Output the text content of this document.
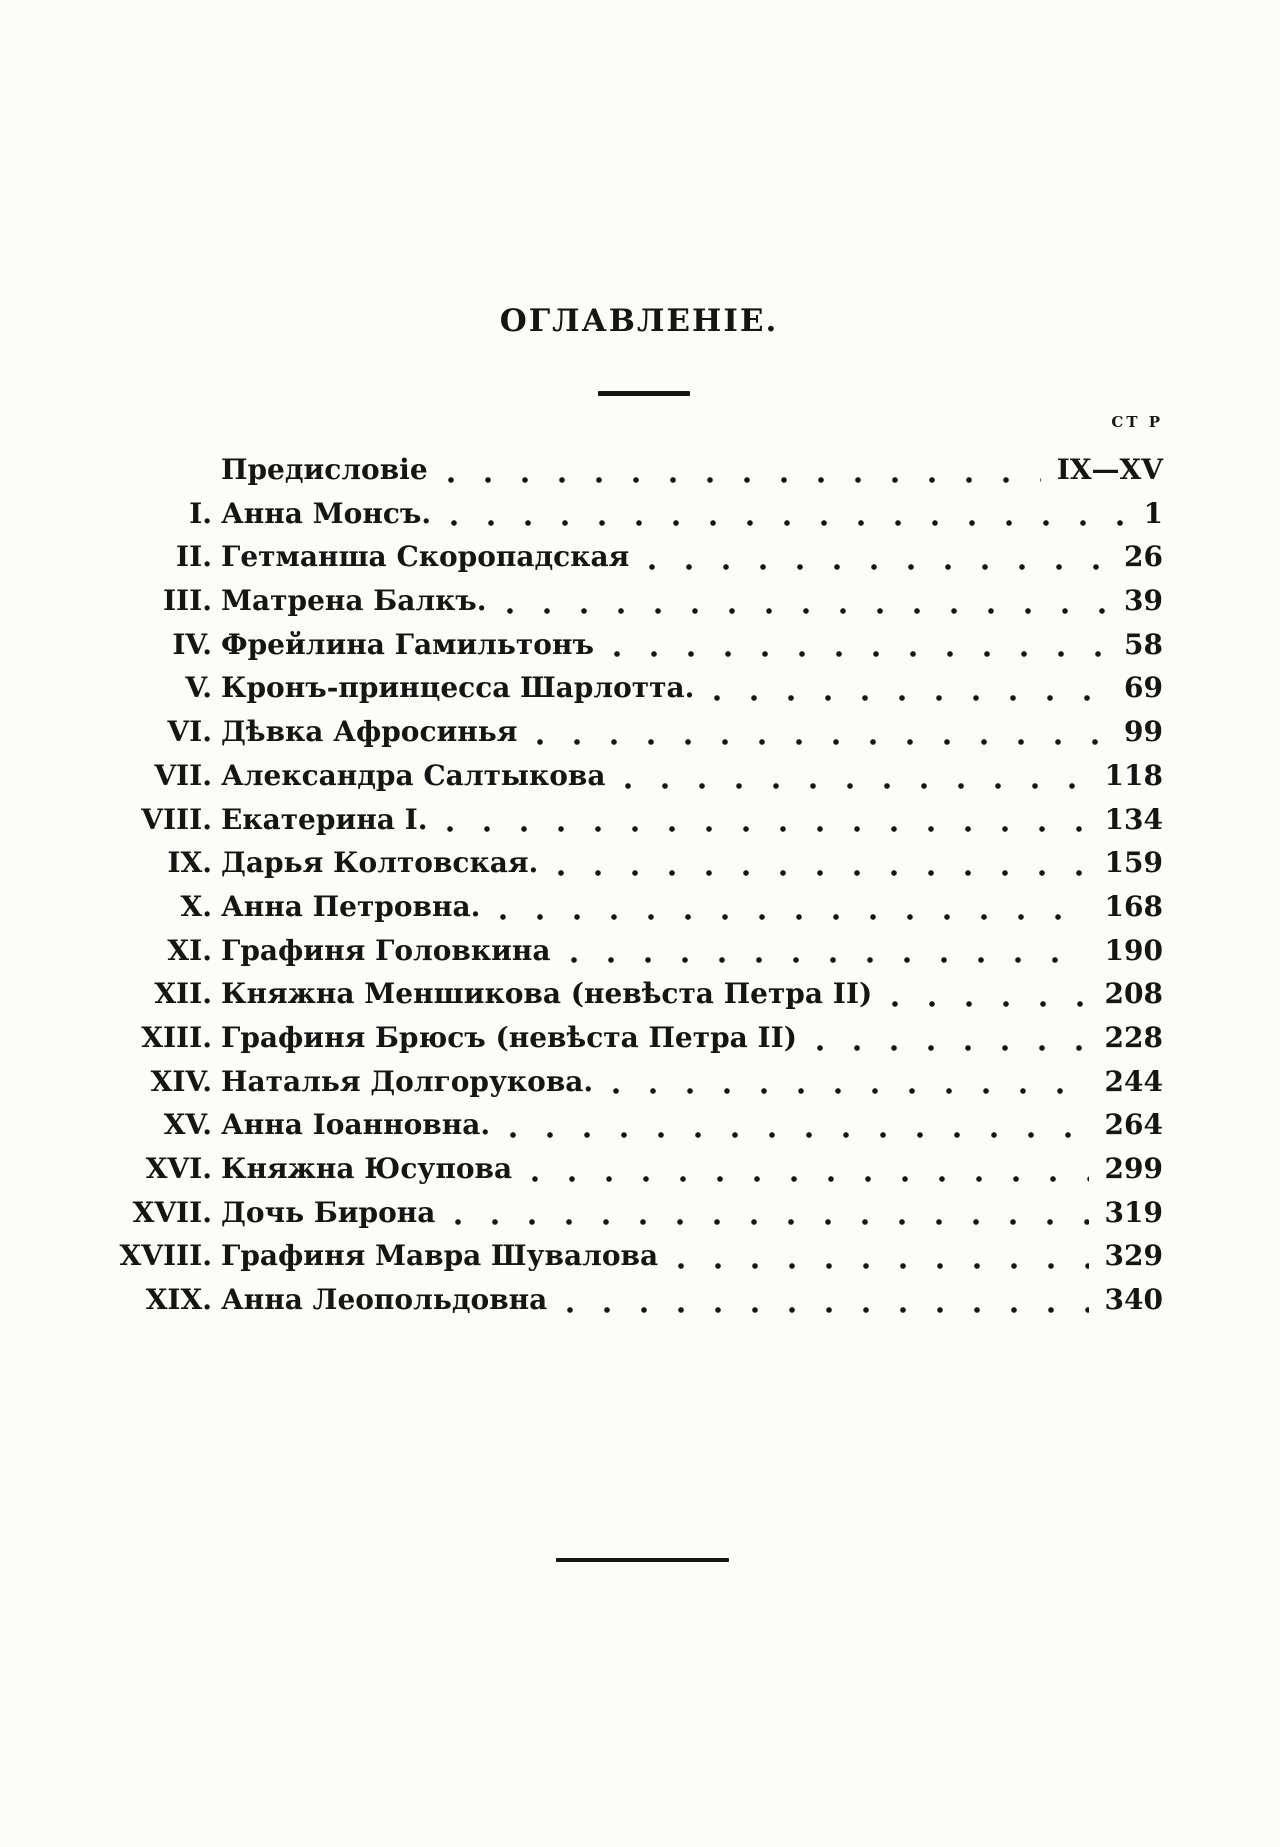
ОГЛАВЛЕНІЕ.
СТ Р
Предисловіе	IX—XV
I. Анна Монсъ.	1
II. Гетманша Скоропадская	26
III. Матрена Балкъ.	39
IV. Фрейлина Гамильтонъ	58
V. Кронъ-принцесса Шарлотта.	69
VI. Дѣвка Афросинья	99
VII. Александра Салтыкова	118
VIII. Екатерина I.	134
IX. Дарья Колтовская.	159
X. Анна Петровна.	168
XI. Графиня Головкина	190
XII. Княжна Меншикова (невѣста Петра II)	208
XIII. Графиня Брюсъ (невѣста Петра II)	228
XIV. Наталья Долгорукова.	244
XV. Анна Іоанновна.	264
XVI. Княжна Юсупова	299
XVII. Дочь Бирона	319
XVIII. Графиня Мавра Шувалова	329
XIX. Анна Леопольдовна	340
